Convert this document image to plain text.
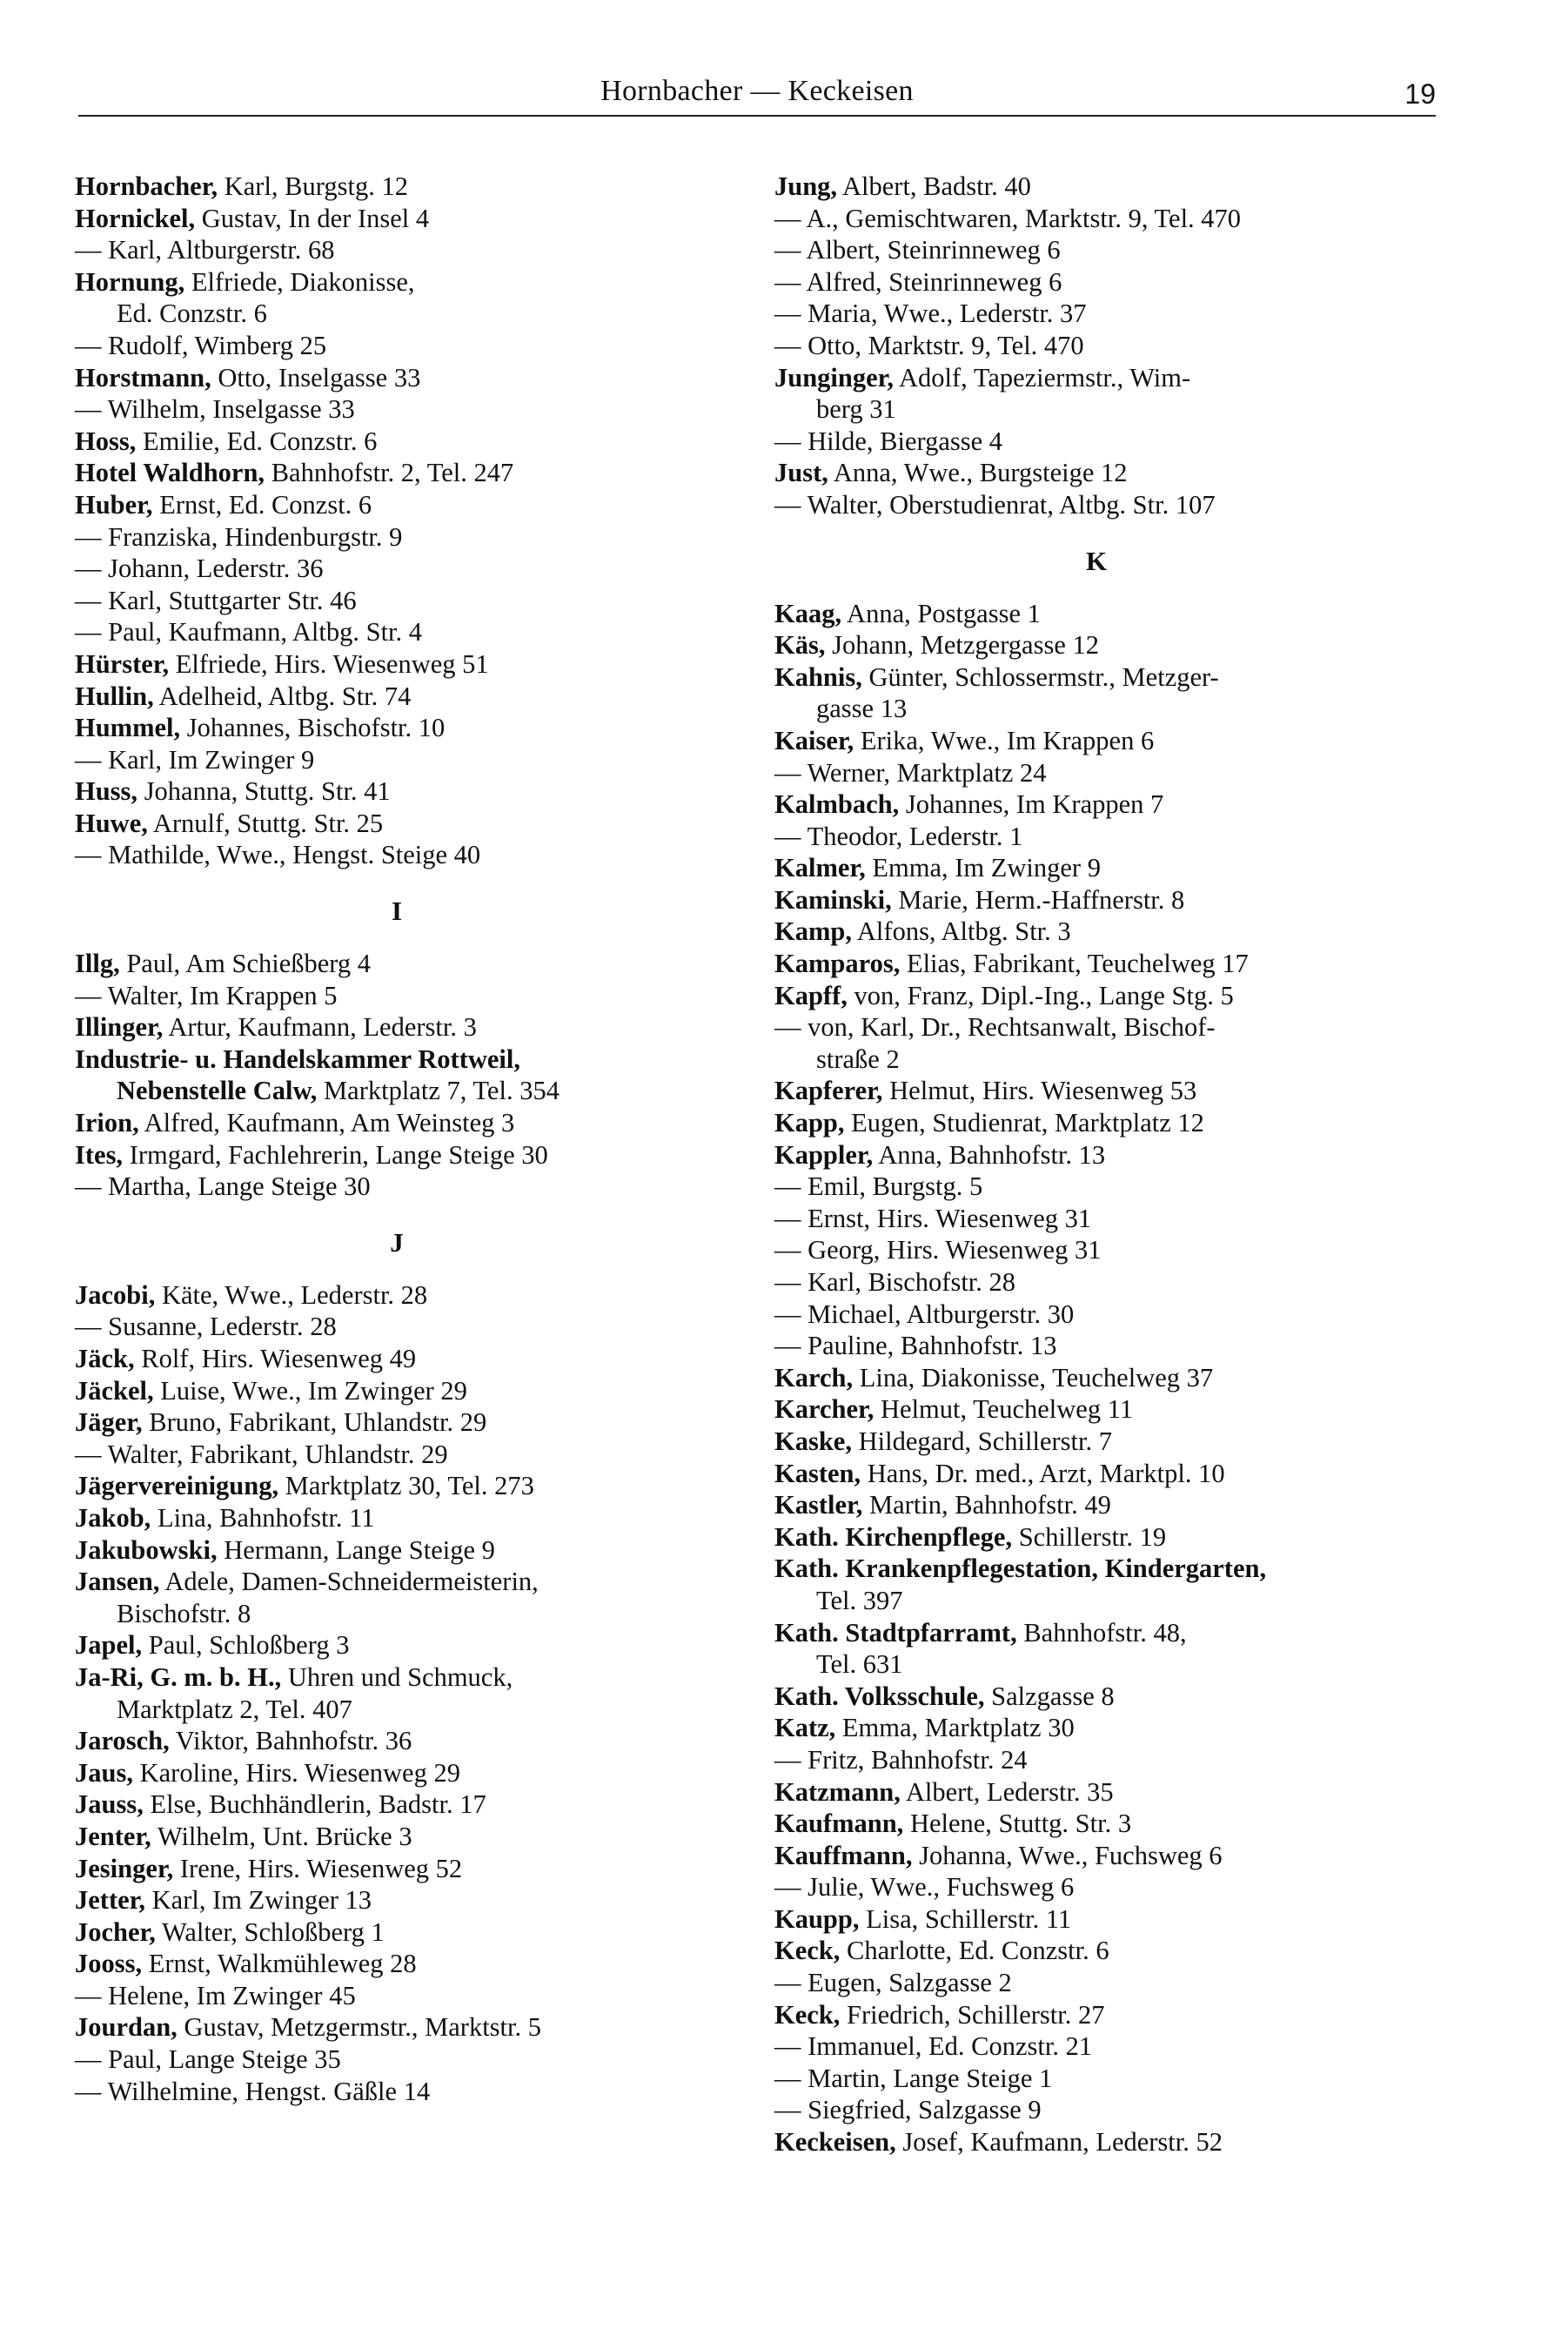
Hornbacher — Keckeisen	19
Hornbacher, Karl, Burgstg. 12
Hornickel, Gustav, In der Insel 4
— Karl, Altburgerstr. 68
Hornung, Elfriede, Diakonisse,
Ed. Conzstr. 6
— Rudolf, Wimberg 25
Horstmann, Otto, Inselgasse 33
— Wilhelm, Inselgasse 33
Hoss, Emilie, Ed. Conzstr. 6
Hotel Waldhorn, Bahnhofstr. 2, Tel. 247
Huber, Ernst, Ed. Conzst. 6
— Franziska, Hindenburgstr. 9
— Johann, Lederstr. 36
— Karl, Stuttgarter Str. 46
— Paul, Kaufmann, Altbg. Str. 4
Hürster, Elfriede, Hirs. Wiesenweg 51
Hullin, Adelheid, Altbg. Str. 74
Hummel, Johannes, Bischofstr. 10
— Karl, Im Zwinger 9
Huss, Johanna, Stuttg. Str. 41
Huwe, Arnulf, Stuttg. Str. 25
— Mathilde, Wwe., Hengst. Steige 40
I
Illg, Paul, Am Schießberg 4
— Walter, Im Krappen 5
Illinger, Artur, Kaufmann, Lederstr. 3
Industrie- u. Handelskammer Rottweil,
Nebenstelle Calw, Marktplatz 7, Tel. 354
Irion, Alfred, Kaufmann, Am Weinsteg 3
Ites, Irmgard, Fachlehrerin, Lange Steige 30
— Martha, Lange Steige 30
J
Jacobi, Käte, Wwe., Lederstr. 28
— Susanne, Lederstr. 28
Jäck, Rolf, Hirs. Wiesenweg 49
Jäckel, Luise, Wwe., Im Zwinger 29
Jäger, Bruno, Fabrikant, Uhlandstr. 29
— Walter, Fabrikant, Uhlandstr. 29
Jägervereinigung, Marktplatz 30, Tel. 273
Jakob, Lina, Bahnhofstr. 11
Jakubowski, Hermann, Lange Steige 9
Jansen, Adele, Damen-Schneidermeisterin,
Bischofstr. 8
Japel, Paul, Schloßberg 3
Ja-Ri, G. m. b. H., Uhren und Schmuck,
Marktplatz 2, Tel. 407
Jarosch, Viktor, Bahnhofstr. 36
Jaus, Karoline, Hirs. Wiesenweg 29
Jauss, Else, Buchhändlerin, Badstr. 17
Jenter, Wilhelm, Unt. Brücke 3
Jesinger, Irene, Hirs. Wiesenweg 52
Jetter, Karl, Im Zwinger 13
Jocher, Walter, Schloßberg 1
Jooss, Ernst, Walkmühleweg 28
— Helene, Im Zwinger 45
Jourdan, Gustav, Metzgermstr., Marktstr. 5
— Paul, Lange Steige 35
— Wilhelmine, Hengst. Gäßle 14
Jung, Albert, Badstr. 40
— A., Gemischtwaren, Marktstr. 9, Tel. 470
— Albert, Steinrinneweg 6
— Alfred, Steinrinneweg 6
— Maria, Wwe., Lederstr. 37
— Otto, Marktstr. 9, Tel. 470
Junginger, Adolf, Tapeziermstr., Wim-
berg 31
— Hilde, Biergasse 4
Just, Anna, Wwe., Burgsteige 12
— Walter, Oberstudienrat, Altbg. Str. 107
K
Kaag, Anna, Postgasse 1
Käs, Johann, Metzgergasse 12
Kahnis, Günter, Schlossermstr., Metzger-
gasse 13
Kaiser, Erika, Wwe., Im Krappen 6
— Werner, Marktplatz 24
Kalmbach, Johannes, Im Krappen 7
— Theodor, Lederstr. 1
Kalmer, Emma, Im Zwinger 9
Kaminski, Marie, Herm.-Haffnerstr. 8
Kamp, Alfons, Altbg. Str. 3
Kamparos, Elias, Fabrikant, Teuchelweg 17
Kapff, von, Franz, Dipl.-Ing., Lange Stg. 5
— von, Karl, Dr., Rechtsanwalt, Bischof-
straße 2
Kapferer, Helmut, Hirs. Wiesenweg 53
Kapp, Eugen, Studienrat, Marktplatz 12
Kappler, Anna, Bahnhofstr. 13
— Emil, Burgstg. 5
— Ernst, Hirs. Wiesenweg 31
— Georg, Hirs. Wiesenweg 31
— Karl, Bischofstr. 28
— Michael, Altburgerstr. 30
— Pauline, Bahnhofstr. 13
Karch, Lina, Diakonisse, Teuchelweg 37
Karcher, Helmut, Teuchelweg 11
Kaske, Hildegard, Schillerstr. 7
Kasten, Hans, Dr. med., Arzt, Marktpl. 10
Kastler, Martin, Bahnhofstr. 49
Kath. Kirchenpflege, Schillerstr. 19
Kath. Krankenpflegestation, Kindergarten,
Tel. 397
Kath. Stadtpfarramt, Bahnhofstr. 48,
Tel. 631
Kath. Volksschule, Salzgasse 8
Katz, Emma, Marktplatz 30
— Fritz, Bahnhofstr. 24
Katzmann, Albert, Lederstr. 35
Kaufmann, Helene, Stuttg. Str. 3
Kauffmann, Johanna, Wwe., Fuchsweg 6
— Julie, Wwe., Fuchsweg 6
Kaupp, Lisa, Schillerstr. 11
Keck, Charlotte, Ed. Conzstr. 6
— Eugen, Salzgasse 2
Keck, Friedrich, Schillerstr. 27
— Immanuel, Ed. Conzstr. 21
— Martin, Lange Steige 1
— Siegfried, Salzgasse 9
Keckeisen, Josef, Kaufmann, Lederstr. 52
